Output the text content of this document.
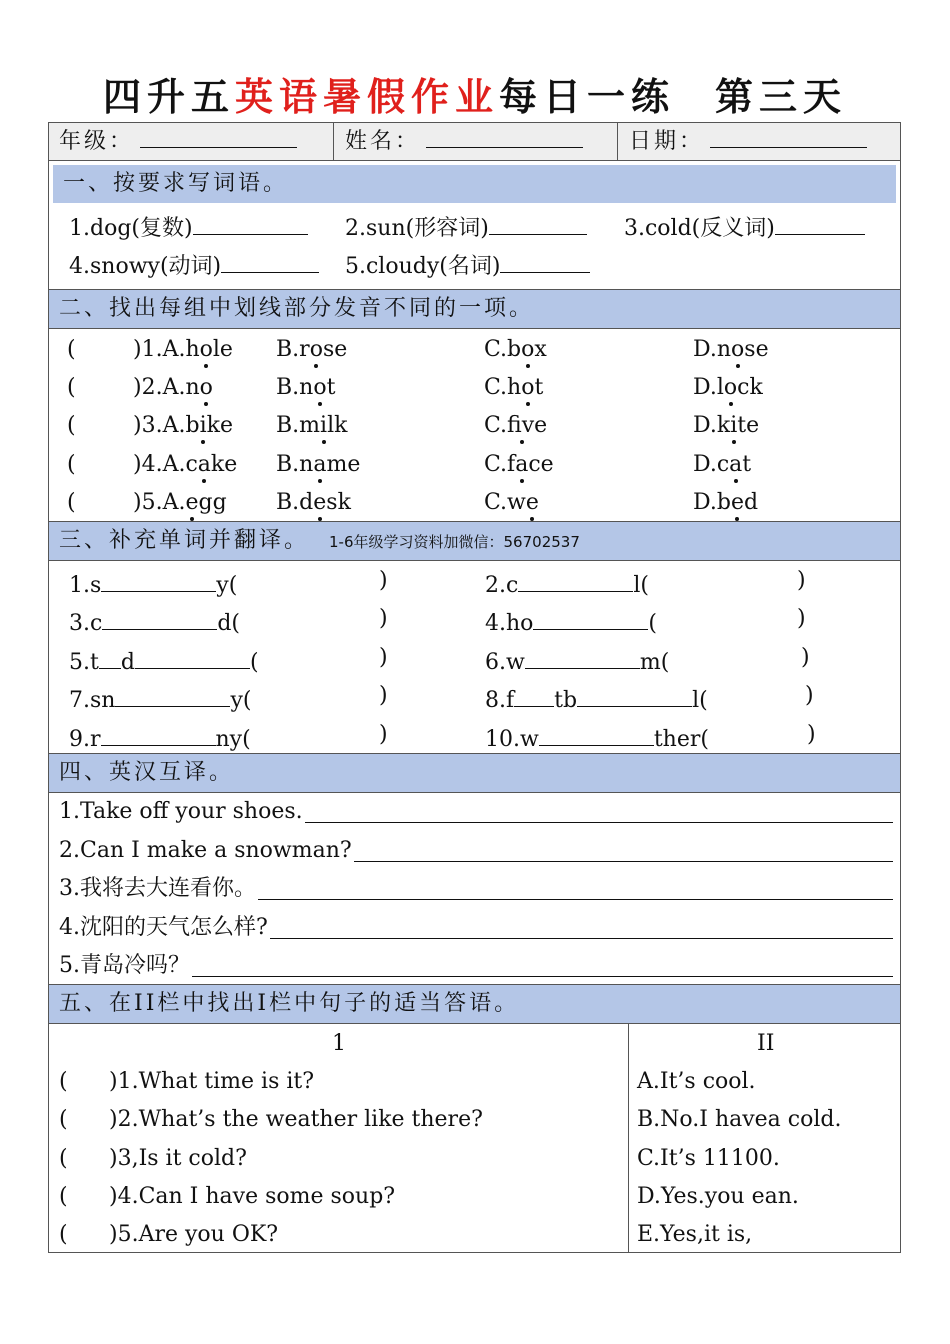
四升五英语暑假作业每日一练 第三天
年级：	姓名：	日期：
一、按要求写词语。
1.dog(复数)	2.sun(形容词)	3.cold(反义词)
4.snowy(动词)	5.cloudy(名词)
二、找出每组中划线部分发音不同的一项。
(	)1.A.hole B.rose	C.box	D.nose
(	)2.A.no	B.not	C.hot	D.lock
(	)3.A.bike B.milk	C.fve	D.kite
(	)4.A.cake B.name	C.face	D.cat
(	)5.A.egg B.desk	C.we	D.bed
三、补充单词并翻译。 1-6年级学习资料加微信：56702537
1.s	y(	)	2.c	l(	)
3.c	d(	)	4.ho	(	)
5.t d	(	)	6.w	m(	)
7.sn	y(	)	8.f tb	l(	)
9.r	ny(	)	10.w	ther(	)
四、英汉互译。
1.Take off your shoes.
2.Can I make a snowman?
3.我将去大连看你。
4.沈阳的天气怎么样?
5.青岛冷吗？
五、在II栏中找出I栏中句子的适当答语。
1	II
( )1.What time is it?	A.It’s cool.
( )2.What’s the weather like there?	B.No.I havea cold.
( )3,Is it cold?	C.It’s 11100.
( )4.Can I have some soup?	D.Yes.you ean.
( )5.Are you OK?	E.Yes,it is,
